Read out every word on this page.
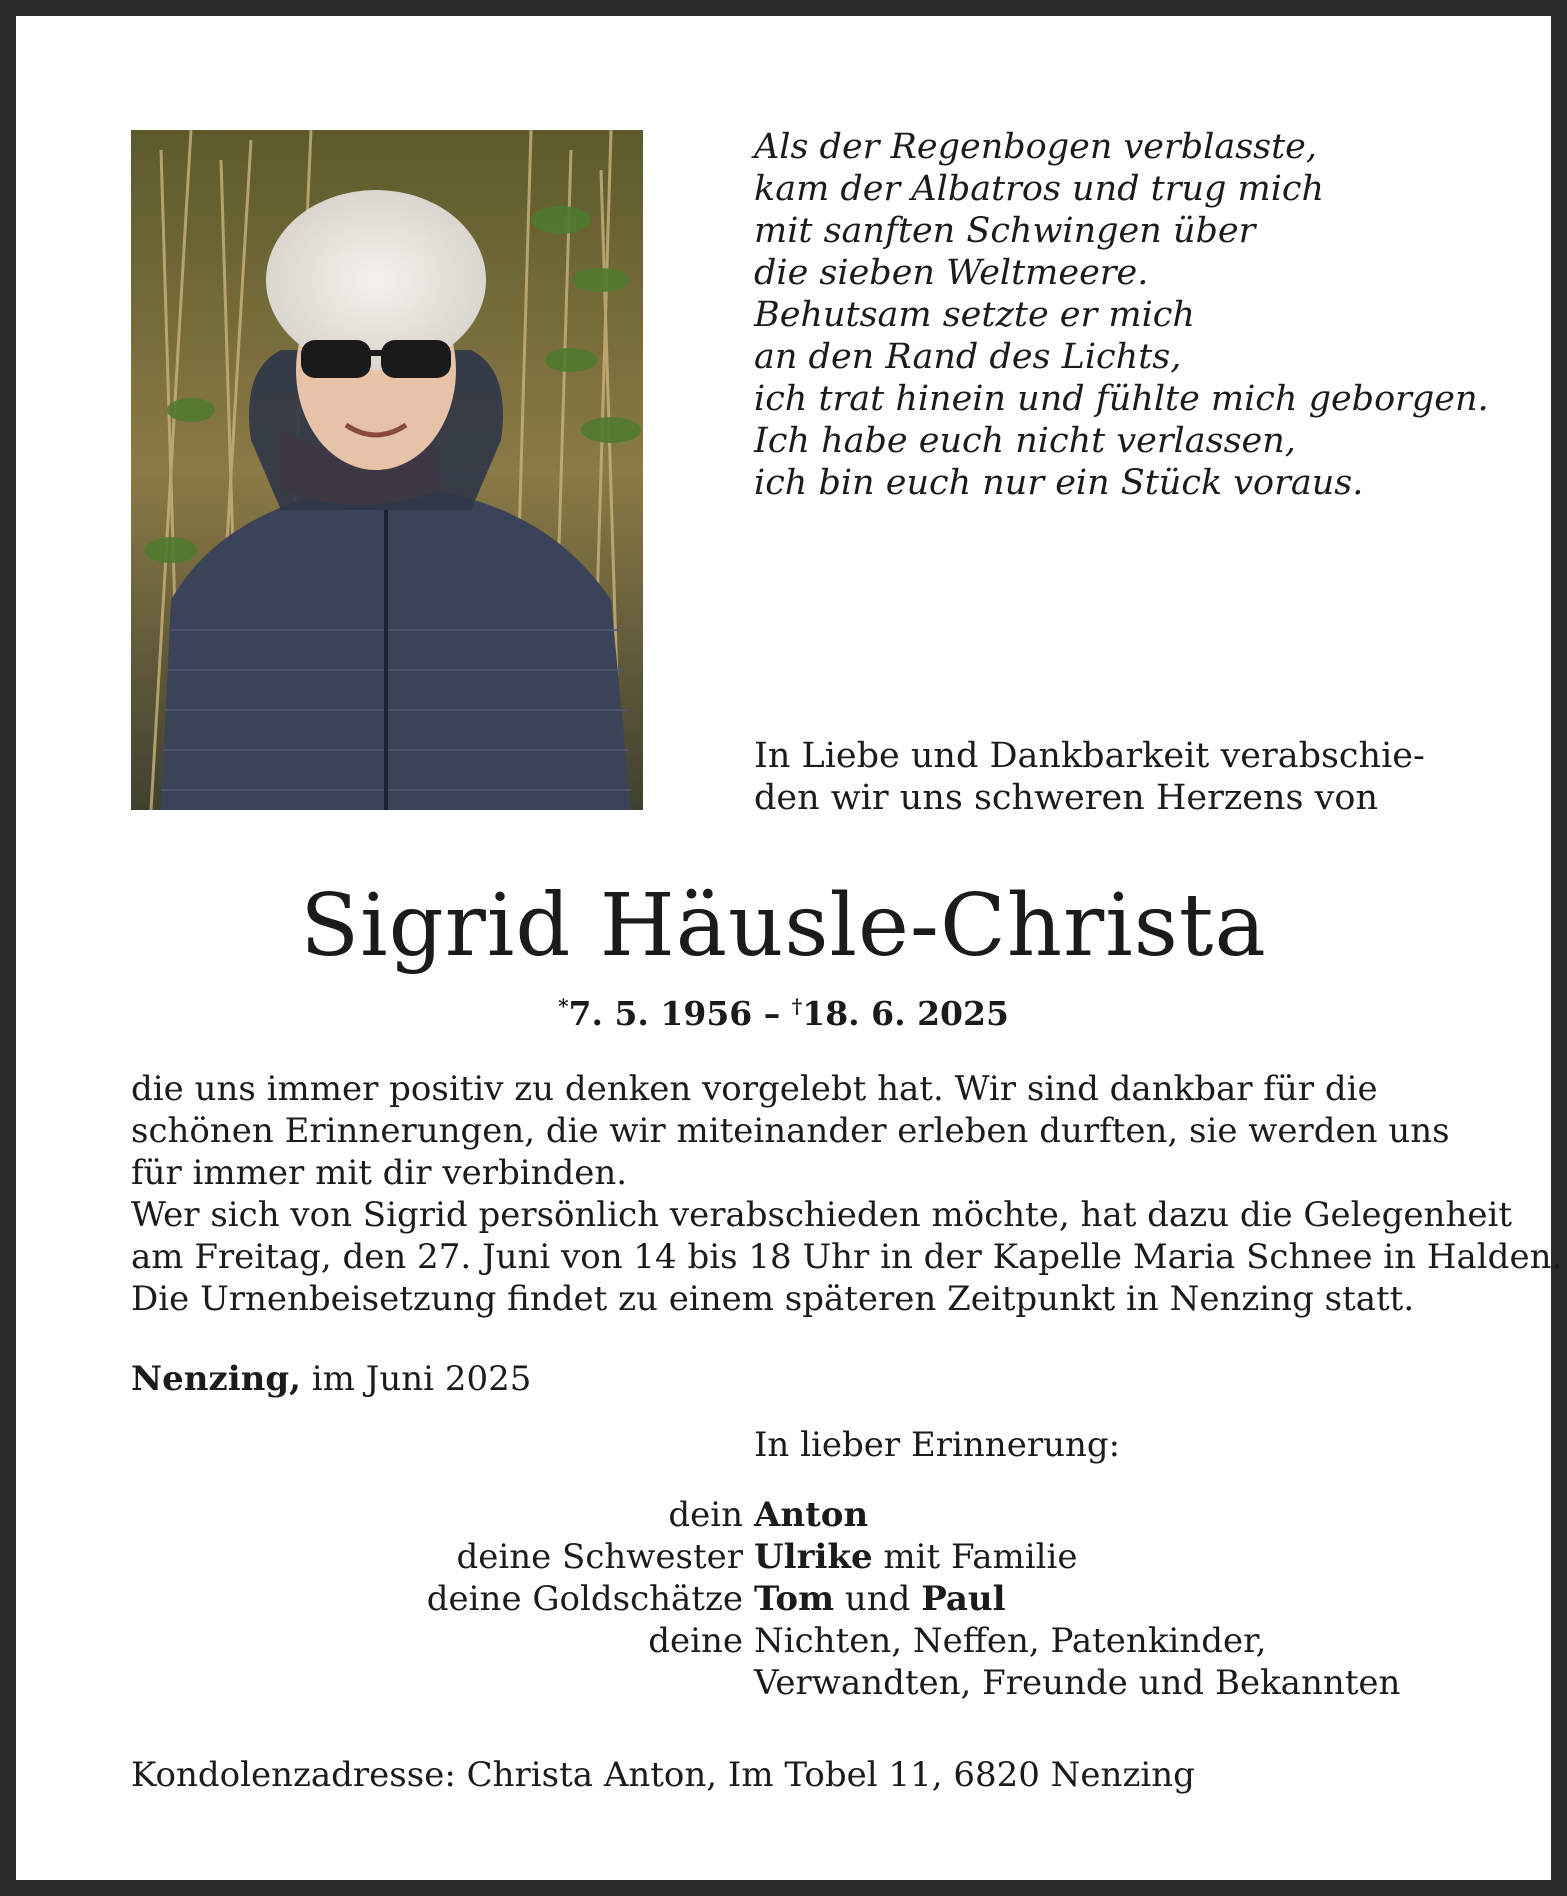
Als der Regenbogen verblasste,
kam der Albatros und trug mich
mit sanften Schwingen über
die sieben Weltmeere.
Behutsam setzte er mich
an den Rand des Lichts,
ich trat hinein und fühlte mich geborgen.
Ich habe euch nicht verlassen,
ich bin euch nur ein Stück voraus.
In Liebe und Dankbarkeit verabschie-
den wir uns schweren Herzens von
Sigrid Häusle-Christa
*7. 5. 1956 – †18. 6. 2025
die uns immer positiv zu denken vorgelebt hat. Wir sind dankbar für die
schönen Erinnerungen, die wir miteinander erleben durften, sie werden uns
für immer mit dir verbinden.
Wer sich von Sigrid persönlich verabschieden möchte, hat dazu die Gelegenheit
am Freitag, den 27. Juni von 14 bis 18 Uhr in der Kapelle Maria Schnee in Halden.
Die Urnenbeisetzung findet zu einem späteren Zeitpunkt in Nenzing statt.
Nenzing, im Juni 2025
In lieber Erinnerung:
dein Anton
deine Schwester Ulrike mit Familie
deine Goldschätze Tom und Paul
deine Nichten, Neffen, Patenkinder,
Verwandten, Freunde und Bekannten
Kondolenzadresse: Christa Anton, Im Tobel 11, 6820 Nenzing
